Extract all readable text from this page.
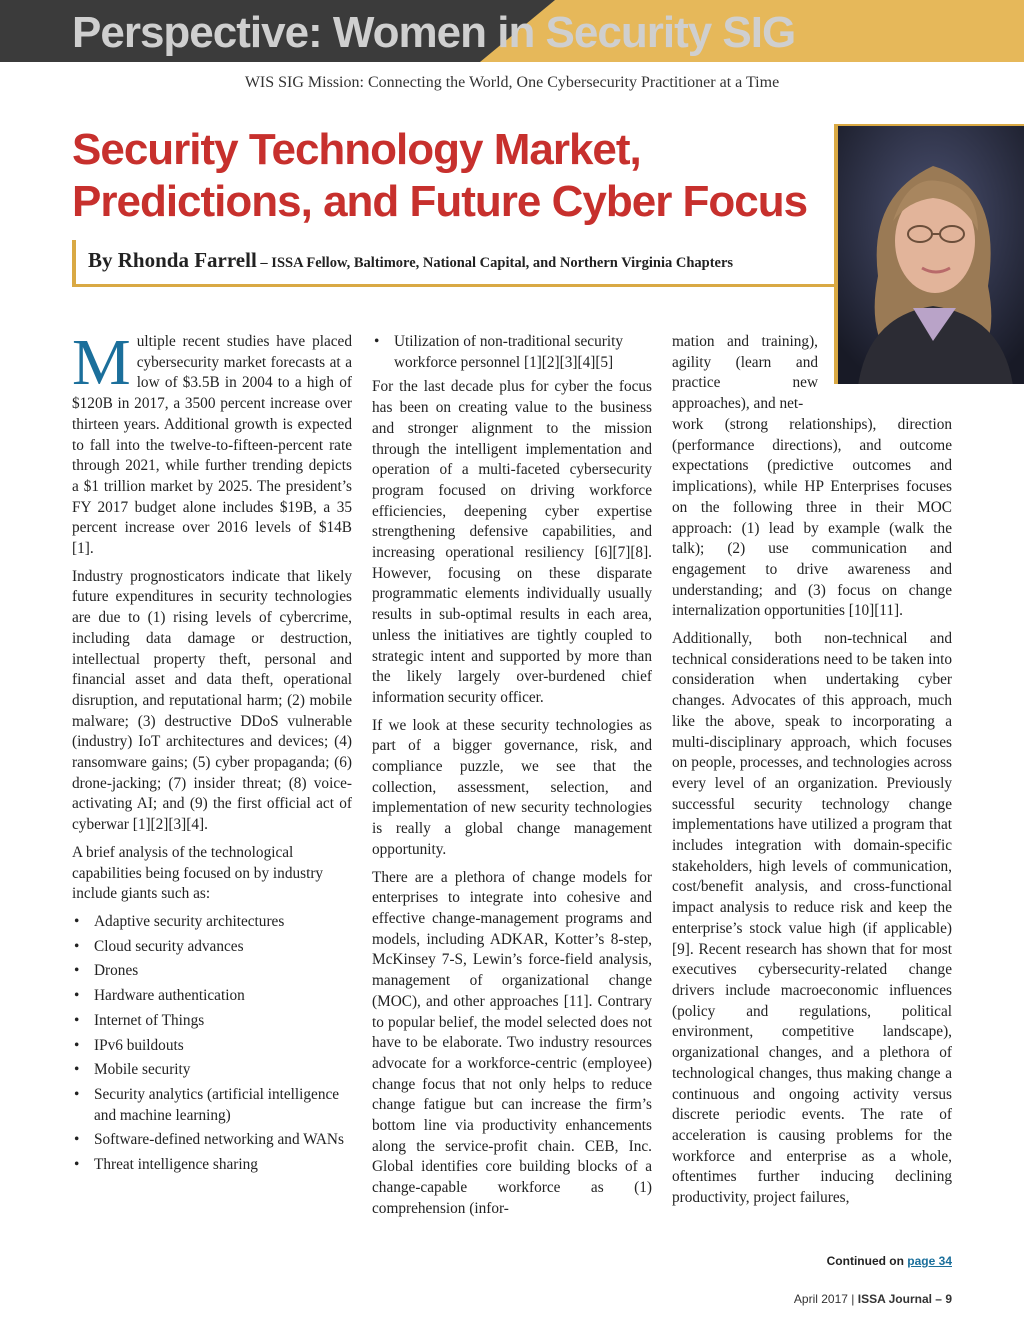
Perspective: Women in Security SIG
WIS SIG Mission: Connecting the World, One Cybersecurity Practitioner at a Time
Security Technology Market,
Predictions, and Future Cyber Focus
By Rhonda Farrell – ISSA Fellow, Baltimore, National Capital, and Northern Virginia Chapters

Multiple recent studies have placed cybersecurity market forecasts at a low of $3.5B in 2004 to a high of $120B in 2017, a 3500 percent increase over thirteen years. Additional growth is expected to fall into the twelve-to-fifteen-percent rate through 2021, while further trending depicts a $1 trillion market by 2025. The president’s FY 2017 budget alone includes $19B, a 35 percent increase over 2016 levels of $14B [1].

Industry prognosticators indicate that likely future expenditures in security technologies are due to (1) rising levels of cybercrime, including data damage or destruction, intellectual property theft, personal and financial asset and data theft, operational disruption, and reputational harm; (2) mobile malware; (3) destructive DDoS vulnerable (industry) IoT architectures and devices; (4) ransomware gains; (5) cyber propaganda; (6) drone-jacking; (7) insider threat; (8) voice-activating AI; and (9) the first official act of cyberwar [1][2][3][4].

A brief analysis of the technological capabilities being focused on by industry include giants such as:

• Adaptive security architectures
• Cloud security advances
• Drones
• Hardware authentication
• Internet of Things
• IPv6 buildouts
• Mobile security
• Security analytics (artificial intelligence and machine learning)
• Software-defined networking and WANs
• Threat intelligence sharing
• Utilization of non-traditional security workforce personnel [1][2][3][4][5]

For the last decade plus for cyber the focus has been on creating value to the business and stronger alignment to the mission through the intelligent implementation and operation of a multi-faceted cybersecurity program focused on driving workforce efficiencies, deepening cyber expertise strengthening defensive capabilities, and increasing operational resiliency [6][7][8]. However, focusing on these disparate programmatic elements individually usually results in sub-optimal results in each area, unless the initiatives are tightly coupled to strategic intent and supported by more than the likely largely over-burdened chief information security officer.

If we look at these security technologies as part of a bigger governance, risk, and compliance puzzle, we see that the collection, assessment, selection, and implementation of new security technologies is really a global change management opportunity.

There are a plethora of change models for enterprises to integrate into cohesive and effective change-management programs and models, including ADKAR, Kotter’s 8-step, McKinsey 7-S, Lewin’s force-field analysis, management of organizational change (MOC), and other approaches [11]. Contrary to popular belief, the model selected does not have to be elaborate. Two industry resources advocate for a workforce-centric (employee) change focus that not only helps to reduce change fatigue but can increase the firm’s bottom line via productivity enhancements along the service-profit chain. CEB, Inc. Global identifies core building blocks of a change-capable workforce as (1) comprehension (infor-

mation and training), agility (learn and practice new approaches), and net-

work (strong relationships), direction (performance directions), and outcome expectations (predictive outcomes and implications), while HP Enterprises focuses on the following three in their MOC approach: (1) lead by example (walk the talk); (2) use communication and engagement to drive awareness and understanding; and (3) focus on change internalization opportunities [10][11].

Additionally, both non-technical and technical considerations need to be taken into consideration when undertaking cyber changes. Advocates of this approach, much like the above, speak to incorporating a multi-disciplinary approach, which focuses on people, processes, and technologies across every level of an organization. Previously successful security technology change implementations have utilized a program that includes integration with domain-specific stakeholders, high levels of communication, cost/benefit analysis, and cross-functional impact analysis to reduce risk and keep the enterprise’s stock value high (if applicable) [9]. Recent research has shown that for most executives cybersecurity-related change drivers include macroeconomic influences (policy and regulations, political environment, competitive landscape), organizational changes, and a plethora of technological changes, thus making change a continuous and ongoing activity versus discrete periodic events. The rate of acceleration is causing problems for the workforce and enterprise as a whole, oftentimes further inducing declining productivity, project failures,

Continued on page 34
April 2017 | ISSA Journal – 9
